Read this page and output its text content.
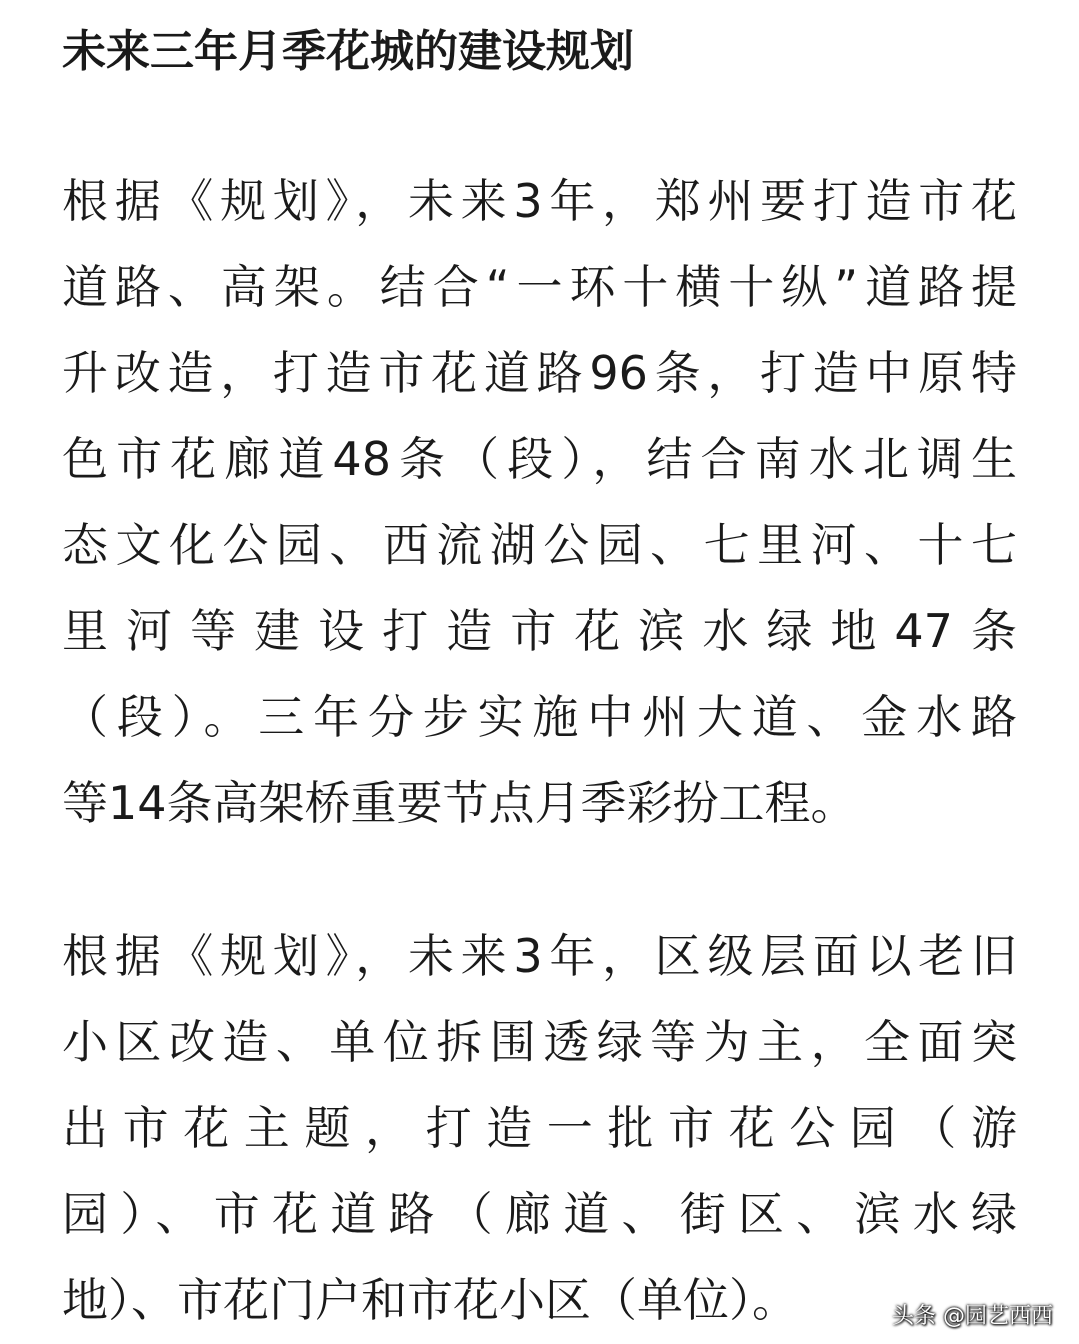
未来三年月季花城的建设规划
根据《规划》，未来3年，郑州要打造市花
道路、高架。结合“一环十横十纵”道路提
升改造，打造市花道路96条，打造中原特
色市花廊道48条（段），结合南水北调生
态文化公园、西流湖公园、七里河、十七
里河等建设打造市花滨水绿地47条
（段）。三年分步实施中州大道、金水路
等14条高架桥重要节点月季彩扮工程。
根据《规划》，未来3年，区级层面以老旧
小区改造、单位拆围透绿等为主，全面突
出市花主题，打造一批市花公园（游
园）、市花道路（廊道、街区、滨水绿
地）、市花门户和市花小区（单位）。	头条 @园艺西西
